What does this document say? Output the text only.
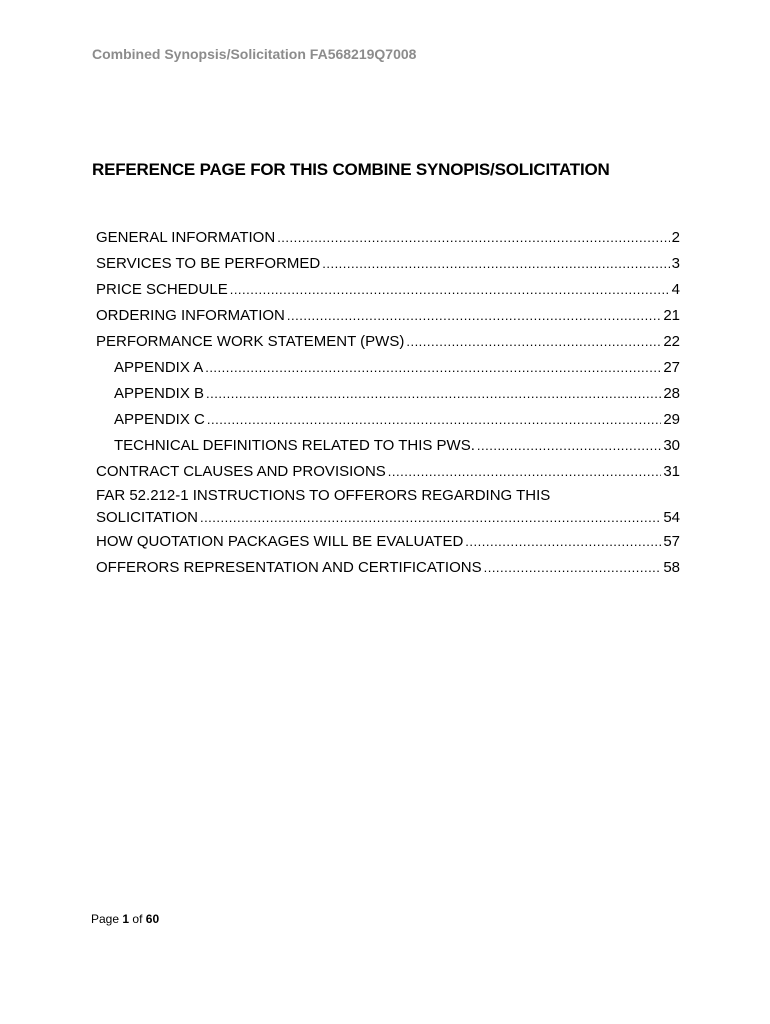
Combined Synopsis/Solicitation FA568219Q7008
REFERENCE PAGE FOR THIS COMBINE SYNOPIS/SOLICITATION
GENERAL INFORMATION .....	2
SERVICES TO BE PERFORMED .....	3
PRICE SCHEDULE .....	4
ORDERING INFORMATION .....	21
PERFORMANCE WORK STATEMENT (PWS) .....	22
APPENDIX A .....	27
APPENDIX B .....	28
APPENDIX C .....	29
TECHNICAL DEFINITIONS RELATED TO THIS PWS. .....	30
CONTRACT CLAUSES AND PROVISIONS .....	31
FAR 52.212-1 INSTRUCTIONS TO OFFERORS REGARDING THIS
SOLICITATION .....	54
HOW QUOTATION PACKAGES WILL BE EVALUATED .....	57
OFFERORS REPRESENTATION AND CERTIFICATIONS .....	58
Page 1 of 60
